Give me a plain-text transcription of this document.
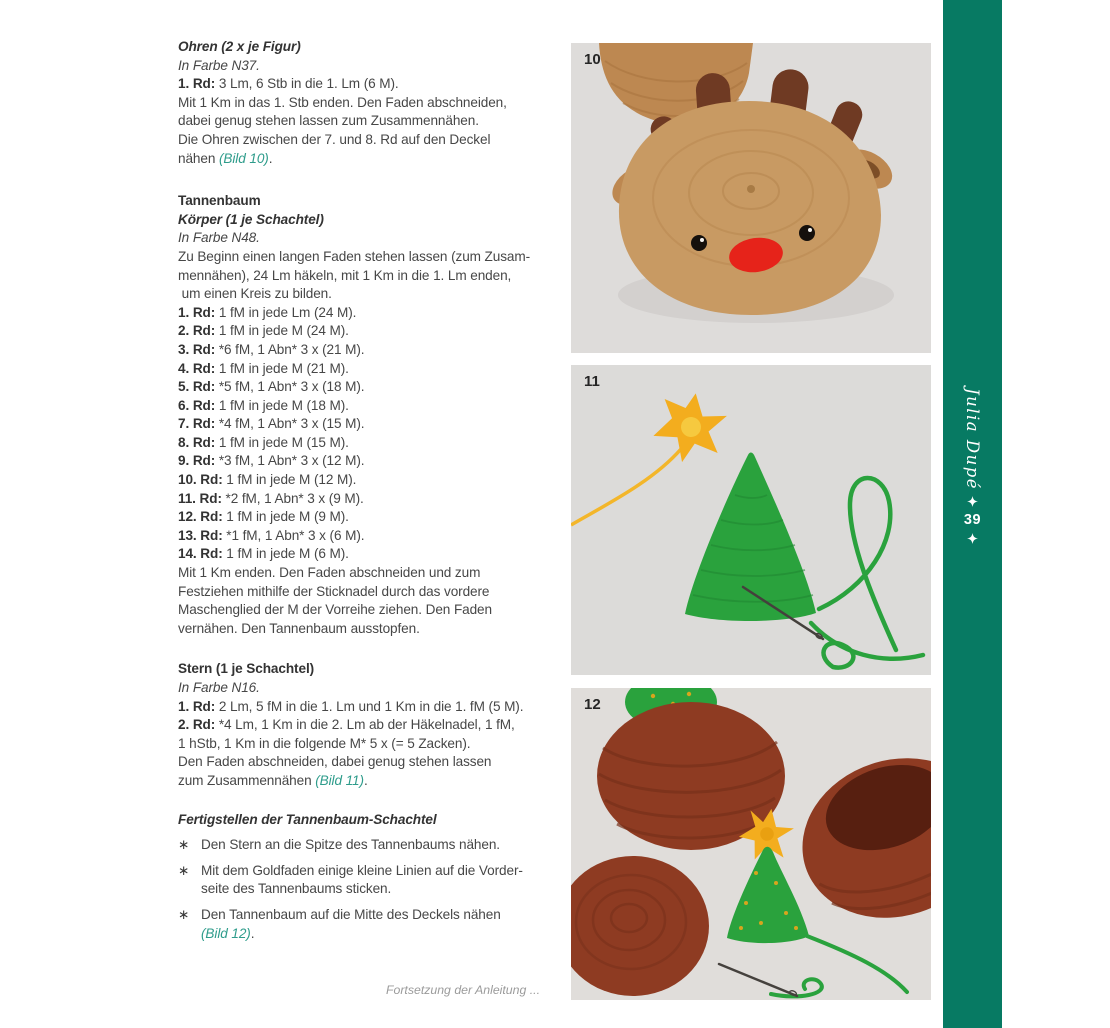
Ohren (2 x je Figur)
In Farbe N37.
1. Rd: 3 Lm, 6 Stb in die 1. Lm (6 M).
Mit 1 Km in das 1. Stb enden. Den Faden abschneiden,
dabei genug stehen lassen zum Zusammennähen.
Die Ohren zwischen der 7. und 8. Rd auf den Deckel
nähen (Bild 10).
Tannenbaum
Körper (1 je Schachtel)
In Farbe N48.
Zu Beginn einen langen Faden stehen lassen (zum Zusam-
mennähen), 24 Lm häkeln, mit 1 Km in die 1. Lm enden,
um einen Kreis zu bilden.
1. Rd: 1 fM in jede Lm (24 M).
2. Rd: 1 fM in jede M (24 M).
3. Rd: *6 fM, 1 Abn* 3 x (21 M).
4. Rd: 1 fM in jede M (21 M).
5. Rd: *5 fM, 1 Abn* 3 x (18 M).
6. Rd: 1 fM in jede M (18 M).
7. Rd: *4 fM, 1 Abn* 3 x (15 M).
8. Rd: 1 fM in jede M (15 M).
9. Rd: *3 fM, 1 Abn* 3 x (12 M).
10. Rd: 1 fM in jede M (12 M).
11. Rd: *2 fM, 1 Abn* 3 x (9 M).
12. Rd: 1 fM in jede M (9 M).
13. Rd: *1 fM, 1 Abn* 3 x (6 M).
14. Rd: 1 fM in jede M (6 M).
Mit 1 Km enden. Den Faden abschneiden und zum
Festziehen mithilfe der Sticknadel durch das vordere
Maschenglied der M der Vorreihe ziehen. Den Faden
vernähen. Den Tannenbaum ausstopfen.
Stern (1 je Schachtel)
In Farbe N16.
1. Rd: 2 Lm, 5 fM in die 1. Lm und 1 Km in die 1. fM (5 M).
2. Rd: *4 Lm, 1 Km in die 2. Lm ab der Häkelnadel, 1 fM,
1 hStb, 1 Km in die folgende M* 5 x (= 5 Zacken).
Den Faden abschneiden, dabei genug stehen lassen
zum Zusammennähen (Bild 11).
Fertigstellen der Tannenbaum-Schachtel
∗ Den Stern an die Spitze des Tannenbaums nähen.
∗ Mit dem Goldfaden einige kleine Linien auf die Vorder-
seite des Tannenbaums sticken.
∗ Den Tannenbaum auf die Mitte des Deckels nähen
(Bild 12).
Fortsetzung der Anleitung ...
10
11
12
Julia Dupé
39
